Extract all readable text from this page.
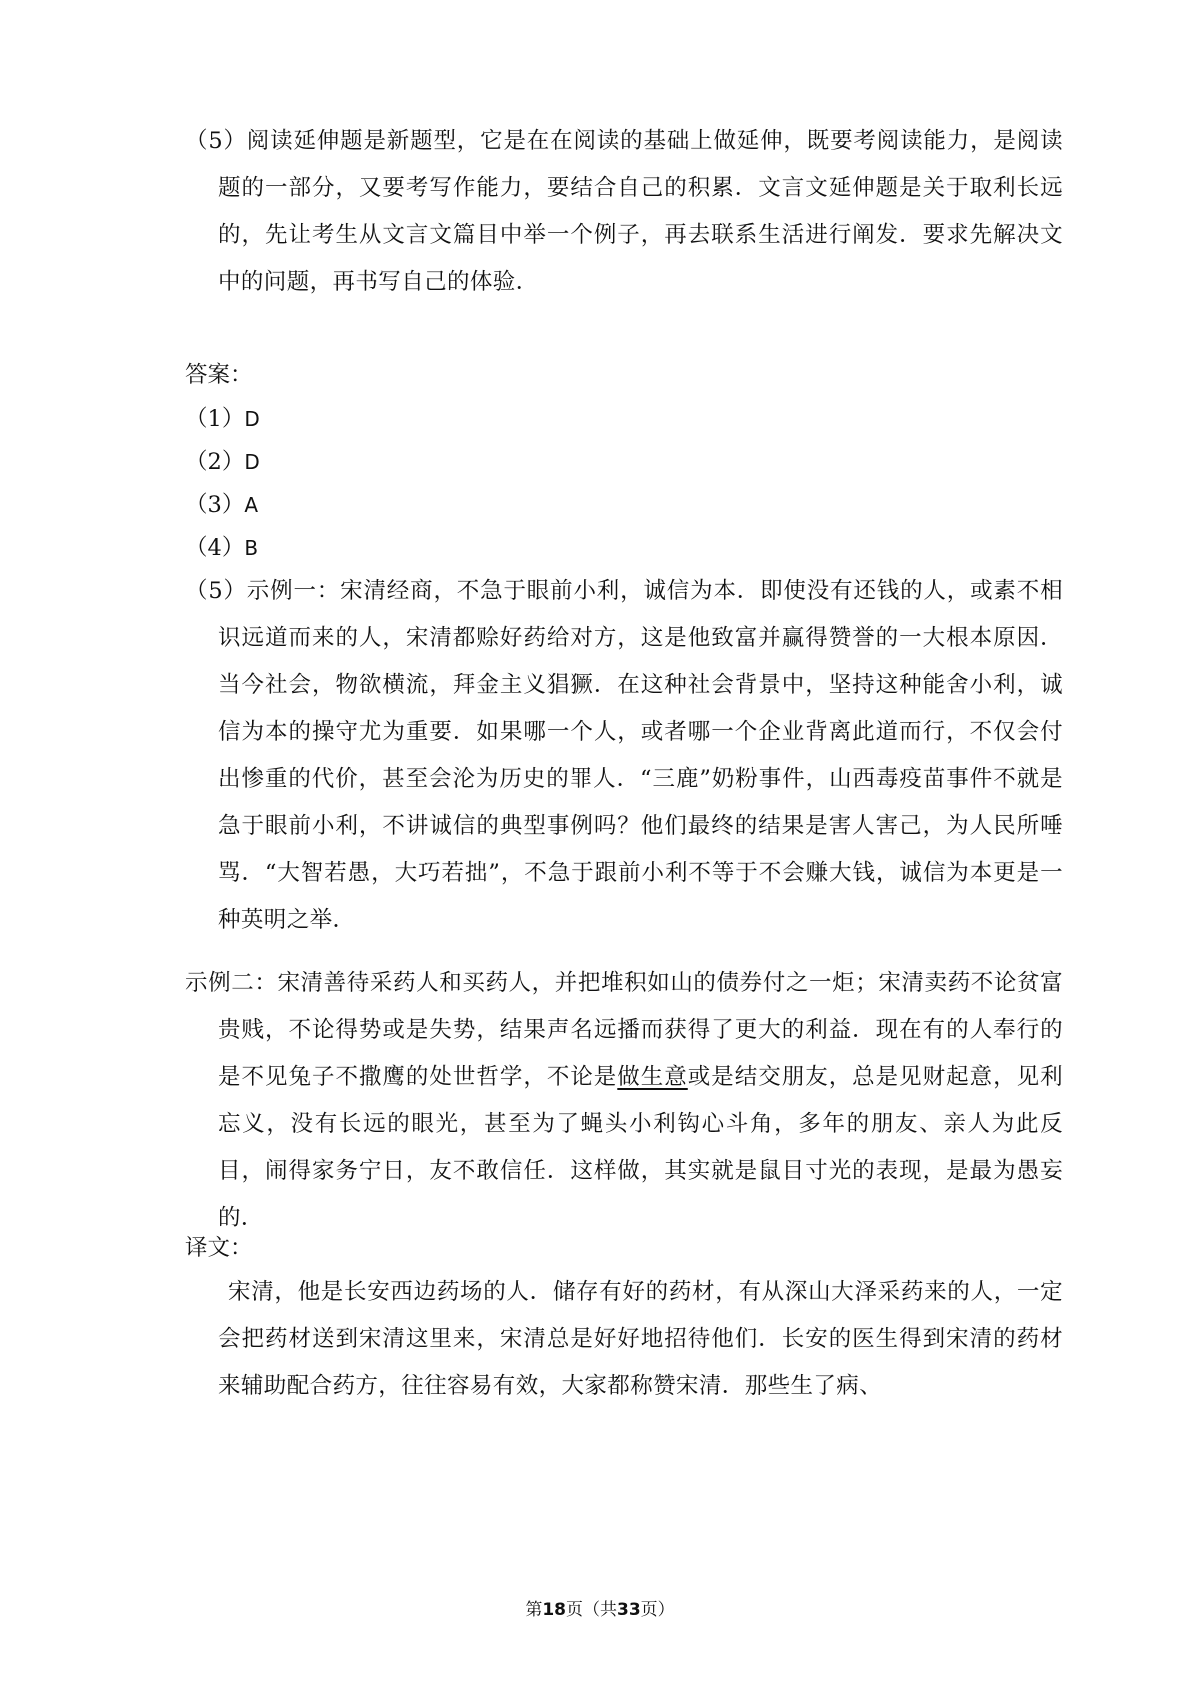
（5）阅读延伸题是新题型，它是在在阅读的基础上做延伸，既要考阅读能力，是阅读题的一部分，又要考写作能力，要结合自己的积累．文言文延伸题是关于取利长远的，先让考生从文言文篇目中举一个例子，再去联系生活进行阐发．要求先解决文中的问题，再书写自己的体验．

答案：

（1）D

（2）D

（3）A

（4）B

（5）示例一：宋清经商，不急于眼前小利，诚信为本．即使没有还钱的人，或素不相识远道而来的人，宋清都赊好药给对方，这是他致富并赢得赞誉的一大根本原因．当今社会，物欲横流，拜金主义猖獗．在这种社会背景中，坚持这种能舍小利，诚信为本的操守尤为重要．如果哪一个人，或者哪一个企业背离此道而行，不仅会付出惨重的代价，甚至会沦为历史的罪人．“三鹿”奶粉事件，山西毒疫苗事件不就是急于眼前小利，不讲诚信的典型事例吗？他们最终的结果是害人害己，为人民所唾骂．“大智若愚，大巧若拙”，不急于跟前小利不等于不会赚大钱，诚信为本更是一种英明之举．

示例二：宋清善待采药人和买药人，并把堆积如山的债券付之一炬；宋清卖药不论贫富贵贱，不论得势或是失势，结果声名远播而获得了更大的利益．现在有的人奉行的是不见兔子不撒鹰的处世哲学，不论是做生意或是结交朋友，总是见财起意，见利忘义，没有长远的眼光，甚至为了蝇头小利钩心斗角，多年的朋友、亲人为此反目，闹得家务宁日，友不敢信任．这样做，其实就是鼠目寸光的表现，是最为愚妄的．

译文：

宋清，他是长安西边药场的人．储存有好的药材，有从深山大泽采药来的人，一定会把药材送到宋清这里来，宋清总是好好地招待他们．长安的医生得到宋清的药材来辅助配合药方，往往容易有效，大家都称赞宋清．那些生了病、

第18页（共33页）
